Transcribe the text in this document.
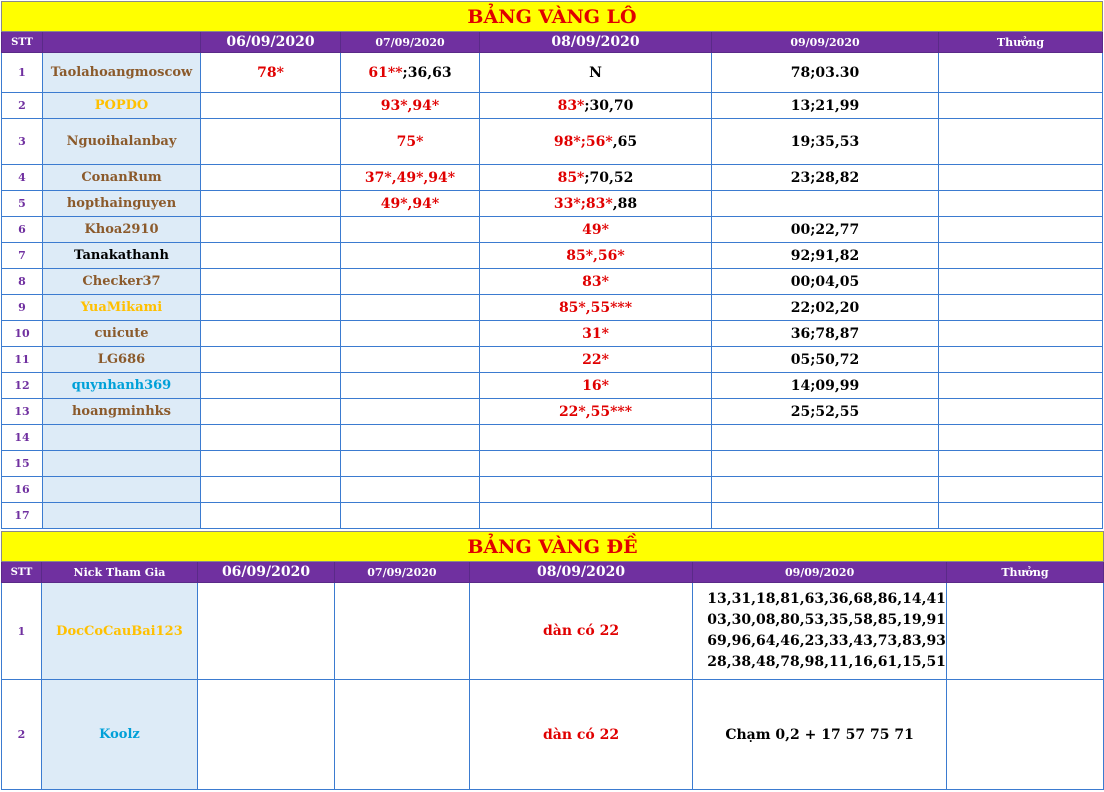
BẢNG VÀNG LÔ						
STT		06/09/2020	07/09/2020	08/09/2020	09/09/2020	Thưởng
1	Taolahoangmoscow	78*	61**;36,63	N	78;03.30	
2	POPDO		93*,94*	83*;30,70	13;21,99	
3	Nguoihalanbay		75*	98*;56*,65	19;35,53	
4	ConanRum		37*,49*,94*	85*;70,52	23;28,82	
5	hopthainguyen		49*,94*	33*;83*,88		
6	Khoa2910			49*	00;22,77	
7	Tanakathanh			85*,56*	92;91,82	
8	Checker37			83*	00;04,05	
9	YuaMikami			85*,55***	22;02,20	
10	cuicute			31*	36;78,87	
11	LG686			22*	05;50,72	
12	quynhanh369			16*	14;09,99	
13	hoangminhks			22*,55***	25;52,55	
14						
15						
16						
17						
BẢNG VÀNG ĐỀ						
STT	Nick Tham Gia	06/09/2020	07/09/2020	08/09/2020	09/09/2020	Thưởng
1	DocCoCauBai123			dàn có 22	13,31,18,81,63,36,68,86,14,41
03,30,08,80,53,35,58,85,19,91
69,96,64,46,23,33,43,73,83,93
28,38,48,78,98,11,16,61,15,51	

2	Koolz			dàn có 22	Chạm 0,2 + 17 57 75 71	
